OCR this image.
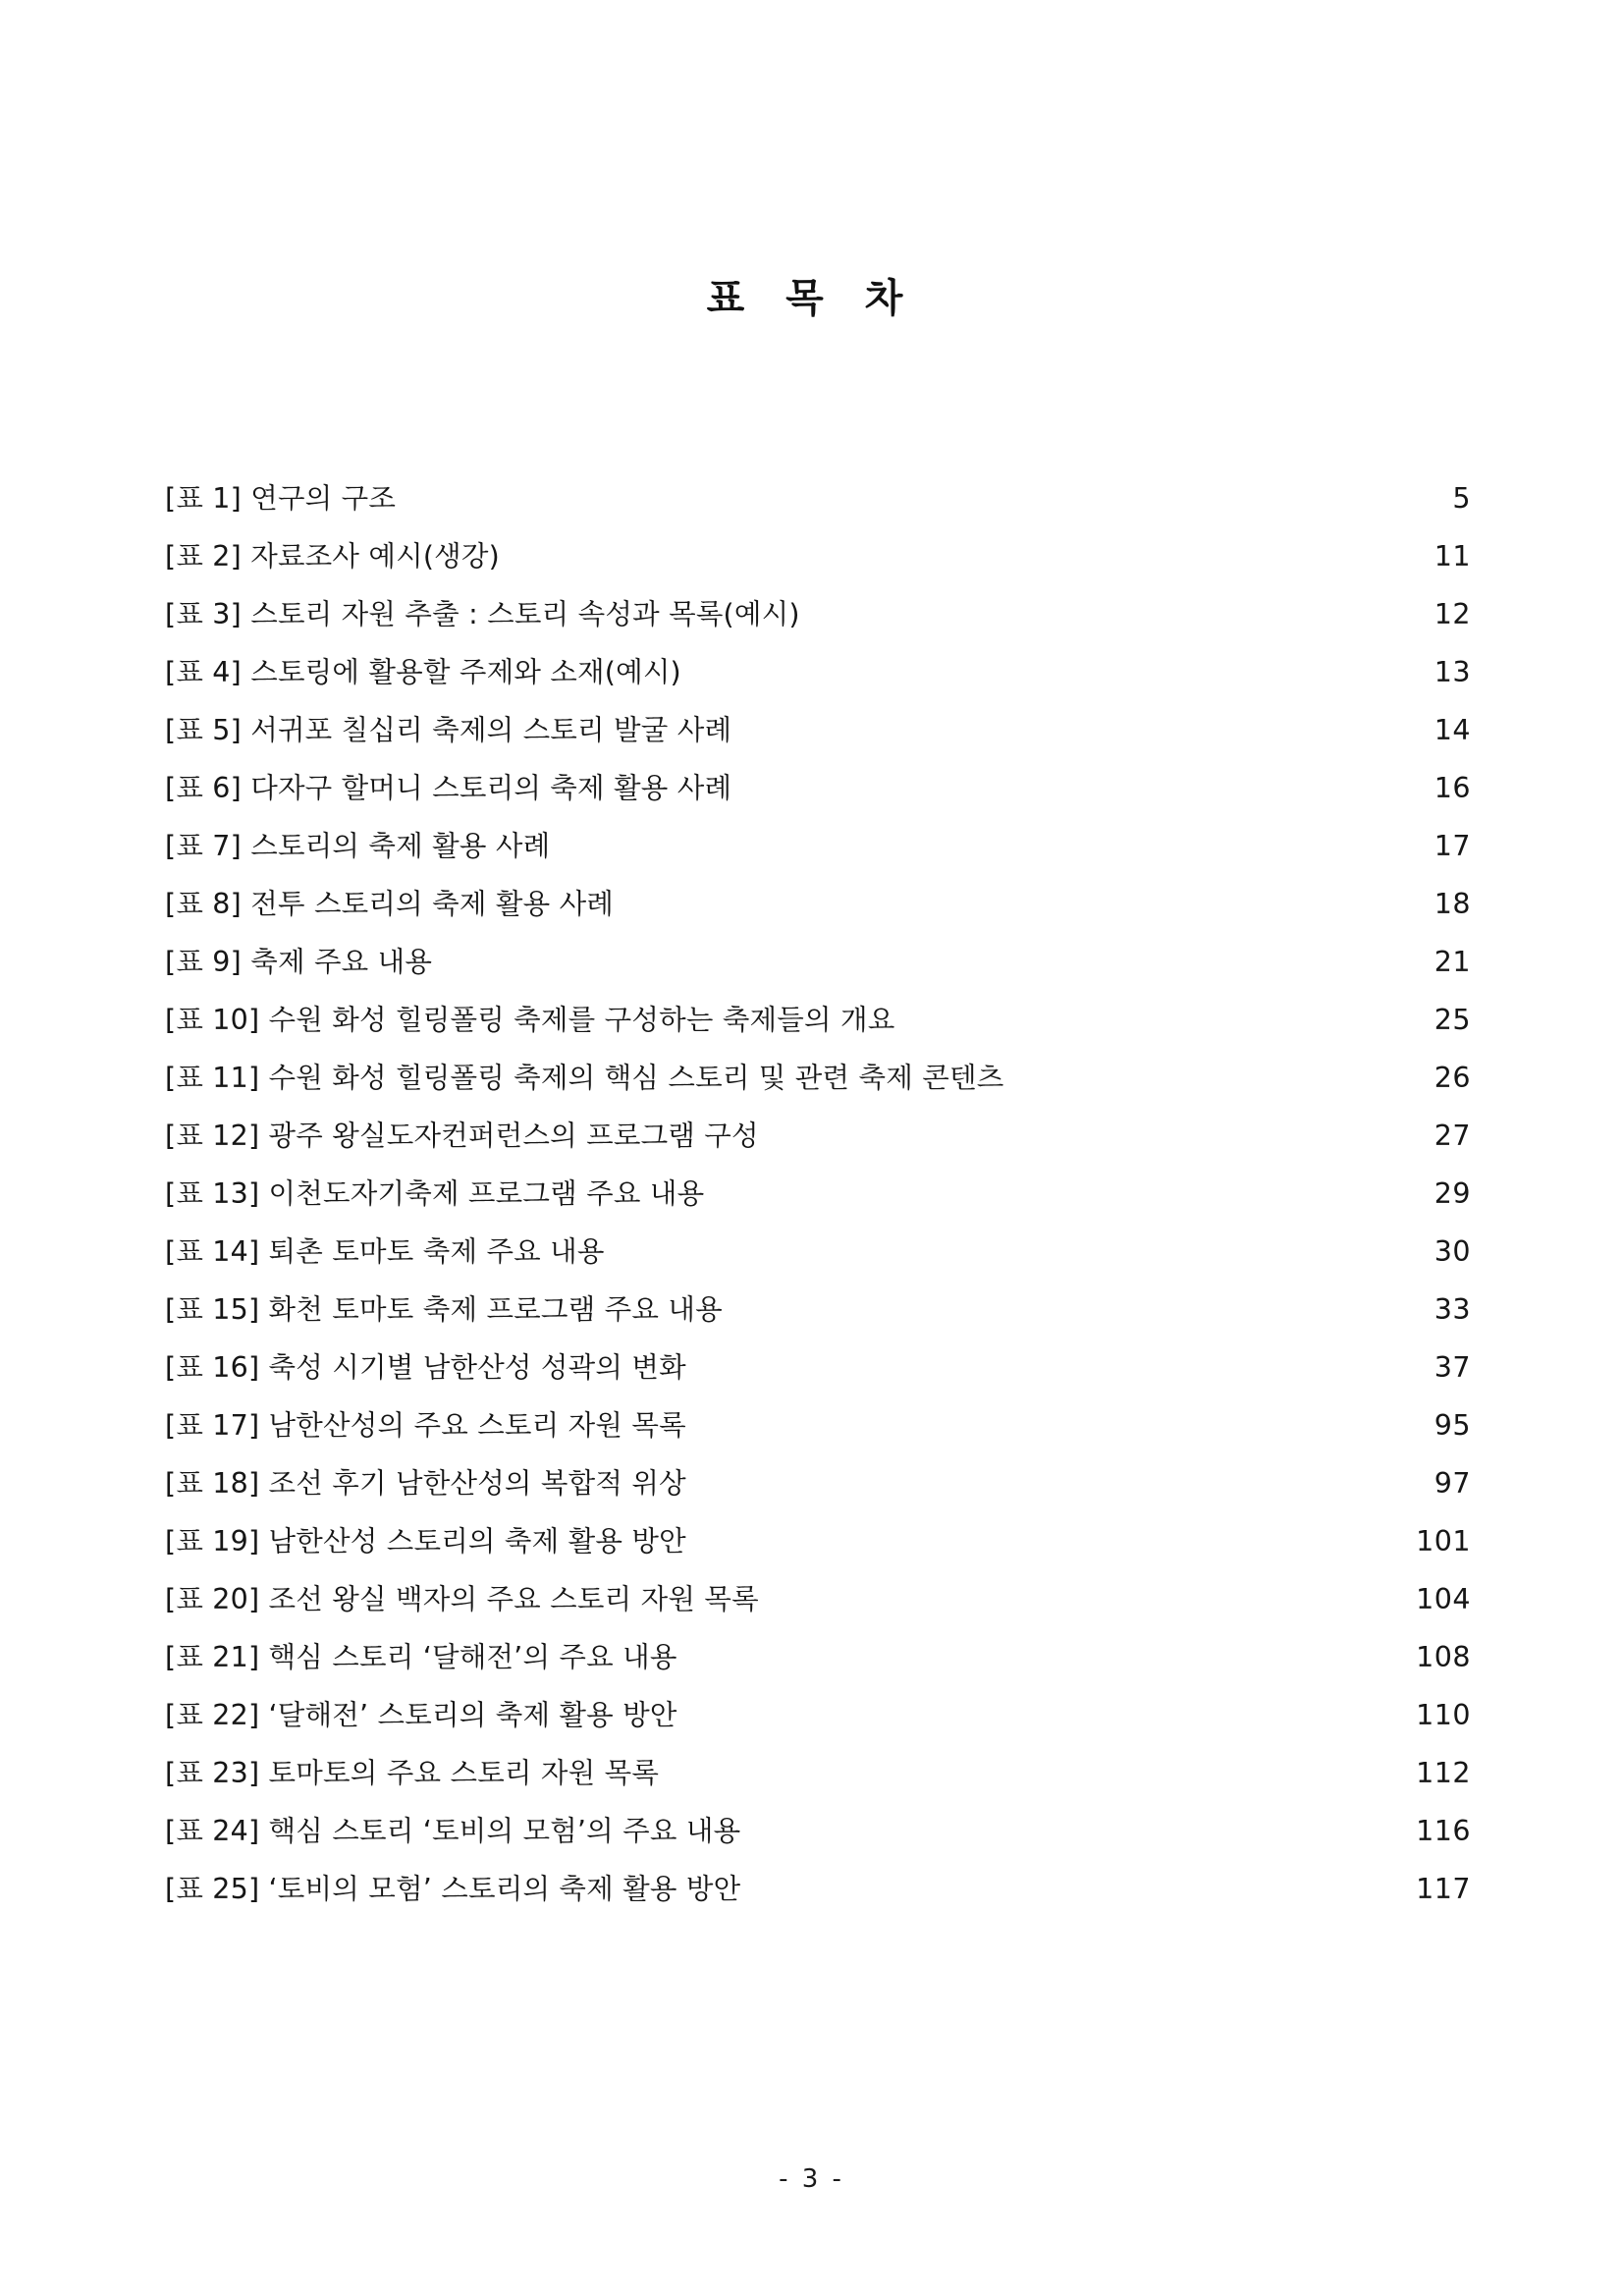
표 목 차
[표 1] 연구의 구조 ·····	5
[표 2] 자료조사 예시(생강) ·····	11
[표 3] 스토리 자원 추출 : 스토리 속성과 목록(예시) ·····	12
[표 4] 스토링에 활용할 주제와 소재(예시) ·····	13
[표 5] 서귀포 칠십리 축제의 스토리 발굴 사례 ·····	14
[표 6] 다자구 할머니 스토리의 축제 활용 사례 ·····	16
[표 7] 스토리의 축제 활용 사례 ·····	17
[표 8] 전투 스토리의 축제 활용 사례 ·····	18
[표 9] 축제 주요 내용 ·····	21
[표 10] 수원 화성 힐링폴링 축제를 구성하는 축제들의 개요 ·····	25
[표 11] 수원 화성 힐링폴링 축제의 핵심 스토리 및 관련 축제 콘텐츠 ·····	26
[표 12] 광주 왕실도자컨퍼런스의 프로그램 구성 ·····	27
[표 13] 이천도자기축제 프로그램 주요 내용 ·····	29
[표 14] 퇴촌 토마토 축제 주요 내용 ·····	30
[표 15] 화천 토마토 축제 프로그램 주요 내용 ·····	33
[표 16] 축성 시기별 남한산성 성곽의 변화 ·····	37
[표 17] 남한산성의 주요 스토리 자원 목록 ·····	95
[표 18] 조선 후기 남한산성의 복합적 위상 ·····	97
[표 19] 남한산성 스토리의 축제 활용 방안 ·····	101
[표 20] 조선 왕실 백자의 주요 스토리 자원 목록 ·····	104
[표 21] 핵심 스토리 ‘달해전’의 주요 내용 ·····	108
[표 22] ‘달해전’ 스토리의 축제 활용 방안 ·····	110
[표 23] 토마토의 주요 스토리 자원 목록 ·····	112
[표 24] 핵심 스토리 ‘토비의 모험’의 주요 내용 ·····	116
[표 25] ‘토비의 모험’ 스토리의 축제 활용 방안 ·····	117
- 3 -
